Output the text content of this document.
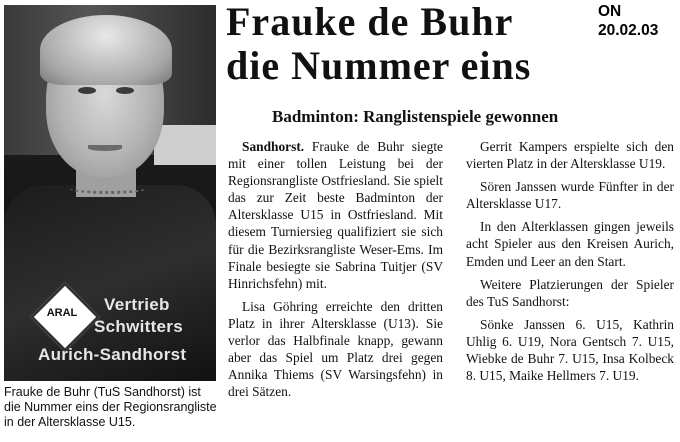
ARAL Vertrieb
Schwitters
Aurich-Sandhorst
Frauke de Buhr (TuS Sandhorst) ist die Nummer eins der Regionsrangliste in der Altersklasse U15.
Frauke de Buhr
die Nummer eins
ON
20.02.03
Badminton: Ranglistenspiele gewonnen

Sandhorst. Frauke de Buhr siegte mit einer tollen Leistung bei der Regionsrangliste Ostfriesland. Sie spielt das zur Zeit beste Badminton der Altersklasse U15 in Ostfriesland. Mit diesem Turniersieg qualifiziert sie sich für die Bezirksrangliste Weser-Ems. Im Finale besiegte sie Sabrina Tuitjer (SV Hinrichsfehn) mit.

Lisa Göhring erreichte den dritten Platz in ihrer Altersklasse (U13). Sie verlor das Halbfinale knapp, gewann aber das Spiel um Platz drei gegen Annika Thiems (SV Warsingsfehn) in drei Sätzen.

Gerrit Kampers erspielte sich den vierten Platz in der Altersklasse U19.

Sören Janssen wurde Fünfter in der Altersklasse U17.

In den Alterklassen gingen jeweils acht Spieler aus den Kreisen Aurich, Emden und Leer an den Start.

Weitere Platzierungen der Spieler des TuS Sandhorst:

Sönke Janssen 6. U15, Kathrin Uhlig 6. U19, Nora Gentsch 7. U15, Wiebke de Buhr 7. U15, Insa Kolbeck 8. U15, Maike Hellmers 7. U19.
